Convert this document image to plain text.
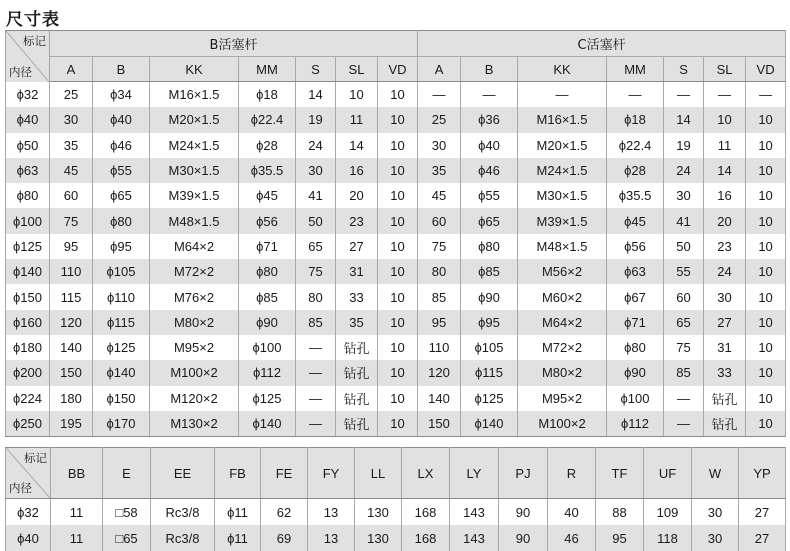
尺寸表
标记
内径	B活塞杆							C活塞杆						
	A	B	KK	MM	S	SL	VD	A	B	KK	MM	S	SL	VD
ϕ32	25	ϕ34	M16×1.5	ϕ18	14	10	10	—	—	—	—	—	—	—
ϕ40	30	ϕ40	M20×1.5	ϕ22.4	19	11	10	25	ϕ36	M16×1.5	ϕ18	14	10	10
ϕ50	35	ϕ46	M24×1.5	ϕ28	24	14	10	30	ϕ40	M20×1.5	ϕ22.4	19	11	10
ϕ63	45	ϕ55	M30×1.5	ϕ35.5	30	16	10	35	ϕ46	M24×1.5	ϕ28	24	14	10
ϕ80	60	ϕ65	M39×1.5	ϕ45	41	20	10	45	ϕ55	M30×1.5	ϕ35.5	30	16	10
ϕ100	75	ϕ80	M48×1.5	ϕ56	50	23	10	60	ϕ65	M39×1.5	ϕ45	41	20	10
ϕ125	95	ϕ95	M64×2	ϕ71	65	27	10	75	ϕ80	M48×1.5	ϕ56	50	23	10
ϕ140	110	ϕ105	M72×2	ϕ80	75	31	10	80	ϕ85	M56×2	ϕ63	55	24	10
ϕ150	115	ϕ110	M76×2	ϕ85	80	33	10	85	ϕ90	M60×2	ϕ67	60	30	10
ϕ160	120	ϕ115	M80×2	ϕ90	85	35	10	95	ϕ95	M64×2	ϕ71	65	27	10
ϕ180	140	ϕ125	M95×2	ϕ100	—	钻孔	10	110	ϕ105	M72×2	ϕ80	75	31	10
ϕ200	150	ϕ140	M100×2	ϕ112	—	钻孔	10	120	ϕ115	M80×2	ϕ90	85	33	10
ϕ224	180	ϕ150	M120×2	ϕ125	—	钻孔	10	140	ϕ125	M95×2	ϕ100	—	钻孔	10
ϕ250	195	ϕ170	M130×2	ϕ140	—	钻孔	10	150	ϕ140	M100×2	ϕ112	—	钻孔	10
标记
内径	BB	E	EE	FB	FE	FY	LL	LX	LY	PJ	R	TF	UF	W	YP
ϕ32	11	□58	Rc3/8	ϕ11	62	13	130	168	143	90	40	88	109	30	27
ϕ40	11	□65	Rc3/8	ϕ11	69	13	130	168	143	90	46	95	118	30	27
